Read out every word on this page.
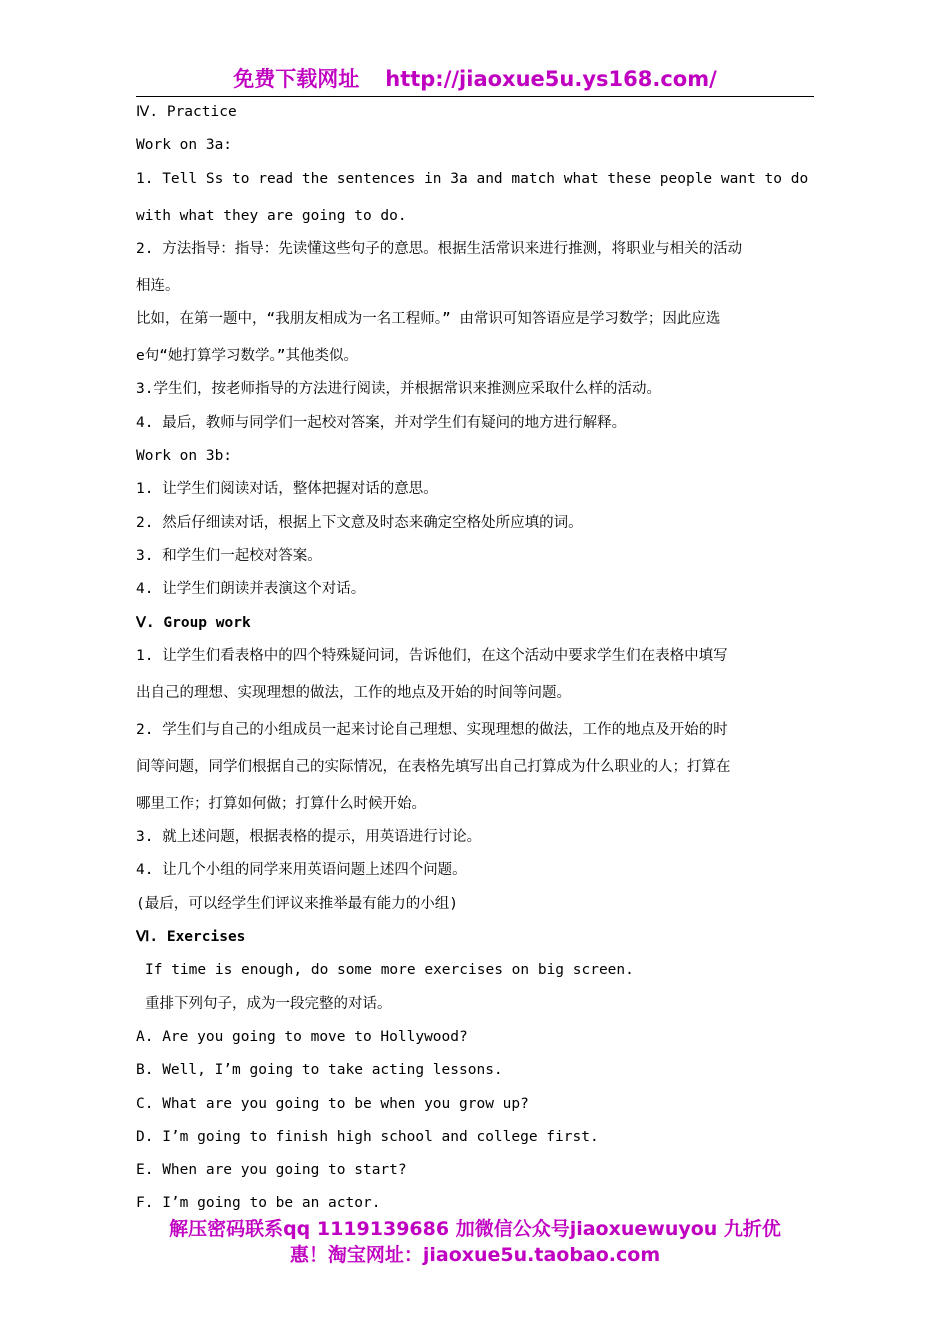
免费下载网址 http://jiaoxue5u.ys168.com/
Ⅳ. Practice
Work on 3a:
1. Tell Ss to read the sentences in 3a and match what these people want to do
with what they are going to do.
2. 方法指导：指导：先读懂这些句子的意思。根据生活常识来进行推测，将职业与相关的活动
相连。
比如，在第一题中，“我朋友相成为一名工程师。” 由常识可知答语应是学习数学；因此应选
e句“她打算学习数学。”其他类似。
3.学生们，按老师指导的方法进行阅读，并根据常识来推测应采取什么样的活动。
4. 最后，教师与同学们一起校对答案，并对学生们有疑问的地方进行解释。
Work on 3b:
1. 让学生们阅读对话，整体把握对话的意思。
2. 然后仔细读对话，根据上下文意及时态来确定空格处所应填的词。
3. 和学生们一起校对答案。
4. 让学生们朗读并表演这个对话。
Ⅴ. Group work
1. 让学生们看表格中的四个特殊疑问词，告诉他们，在这个活动中要求学生们在表格中填写
出自己的理想、实现理想的做法，工作的地点及开始的时间等问题。
2. 学生们与自己的小组成员一起来讨论自己理想、实现理想的做法，工作的地点及开始的时
间等问题，同学们根据自己的实际情况，在表格先填写出自己打算成为什么职业的人；打算在
哪里工作；打算如何做；打算什么时候开始。
3. 就上述问题，根据表格的提示，用英语进行讨论。
4. 让几个小组的同学来用英语问题上述四个问题。
(最后，可以经学生们评议来推举最有能力的小组)
Ⅵ. Exercises
If time is enough, do some more exercises on big screen.
重排下列句子，成为一段完整的对话。
A. Are you going to move to Hollywood?
B. Well, I’m going to take acting lessons.
C. What are you going to be when you grow up?
D. I’m going to finish high school and college first.
E. When are you going to start?
F. I’m going to be an actor.
解压密码联系qq 1119139686 加微信公众号jiaoxuewuyou 九折优
惠！淘宝网址：jiaoxue5u.taobao.com
